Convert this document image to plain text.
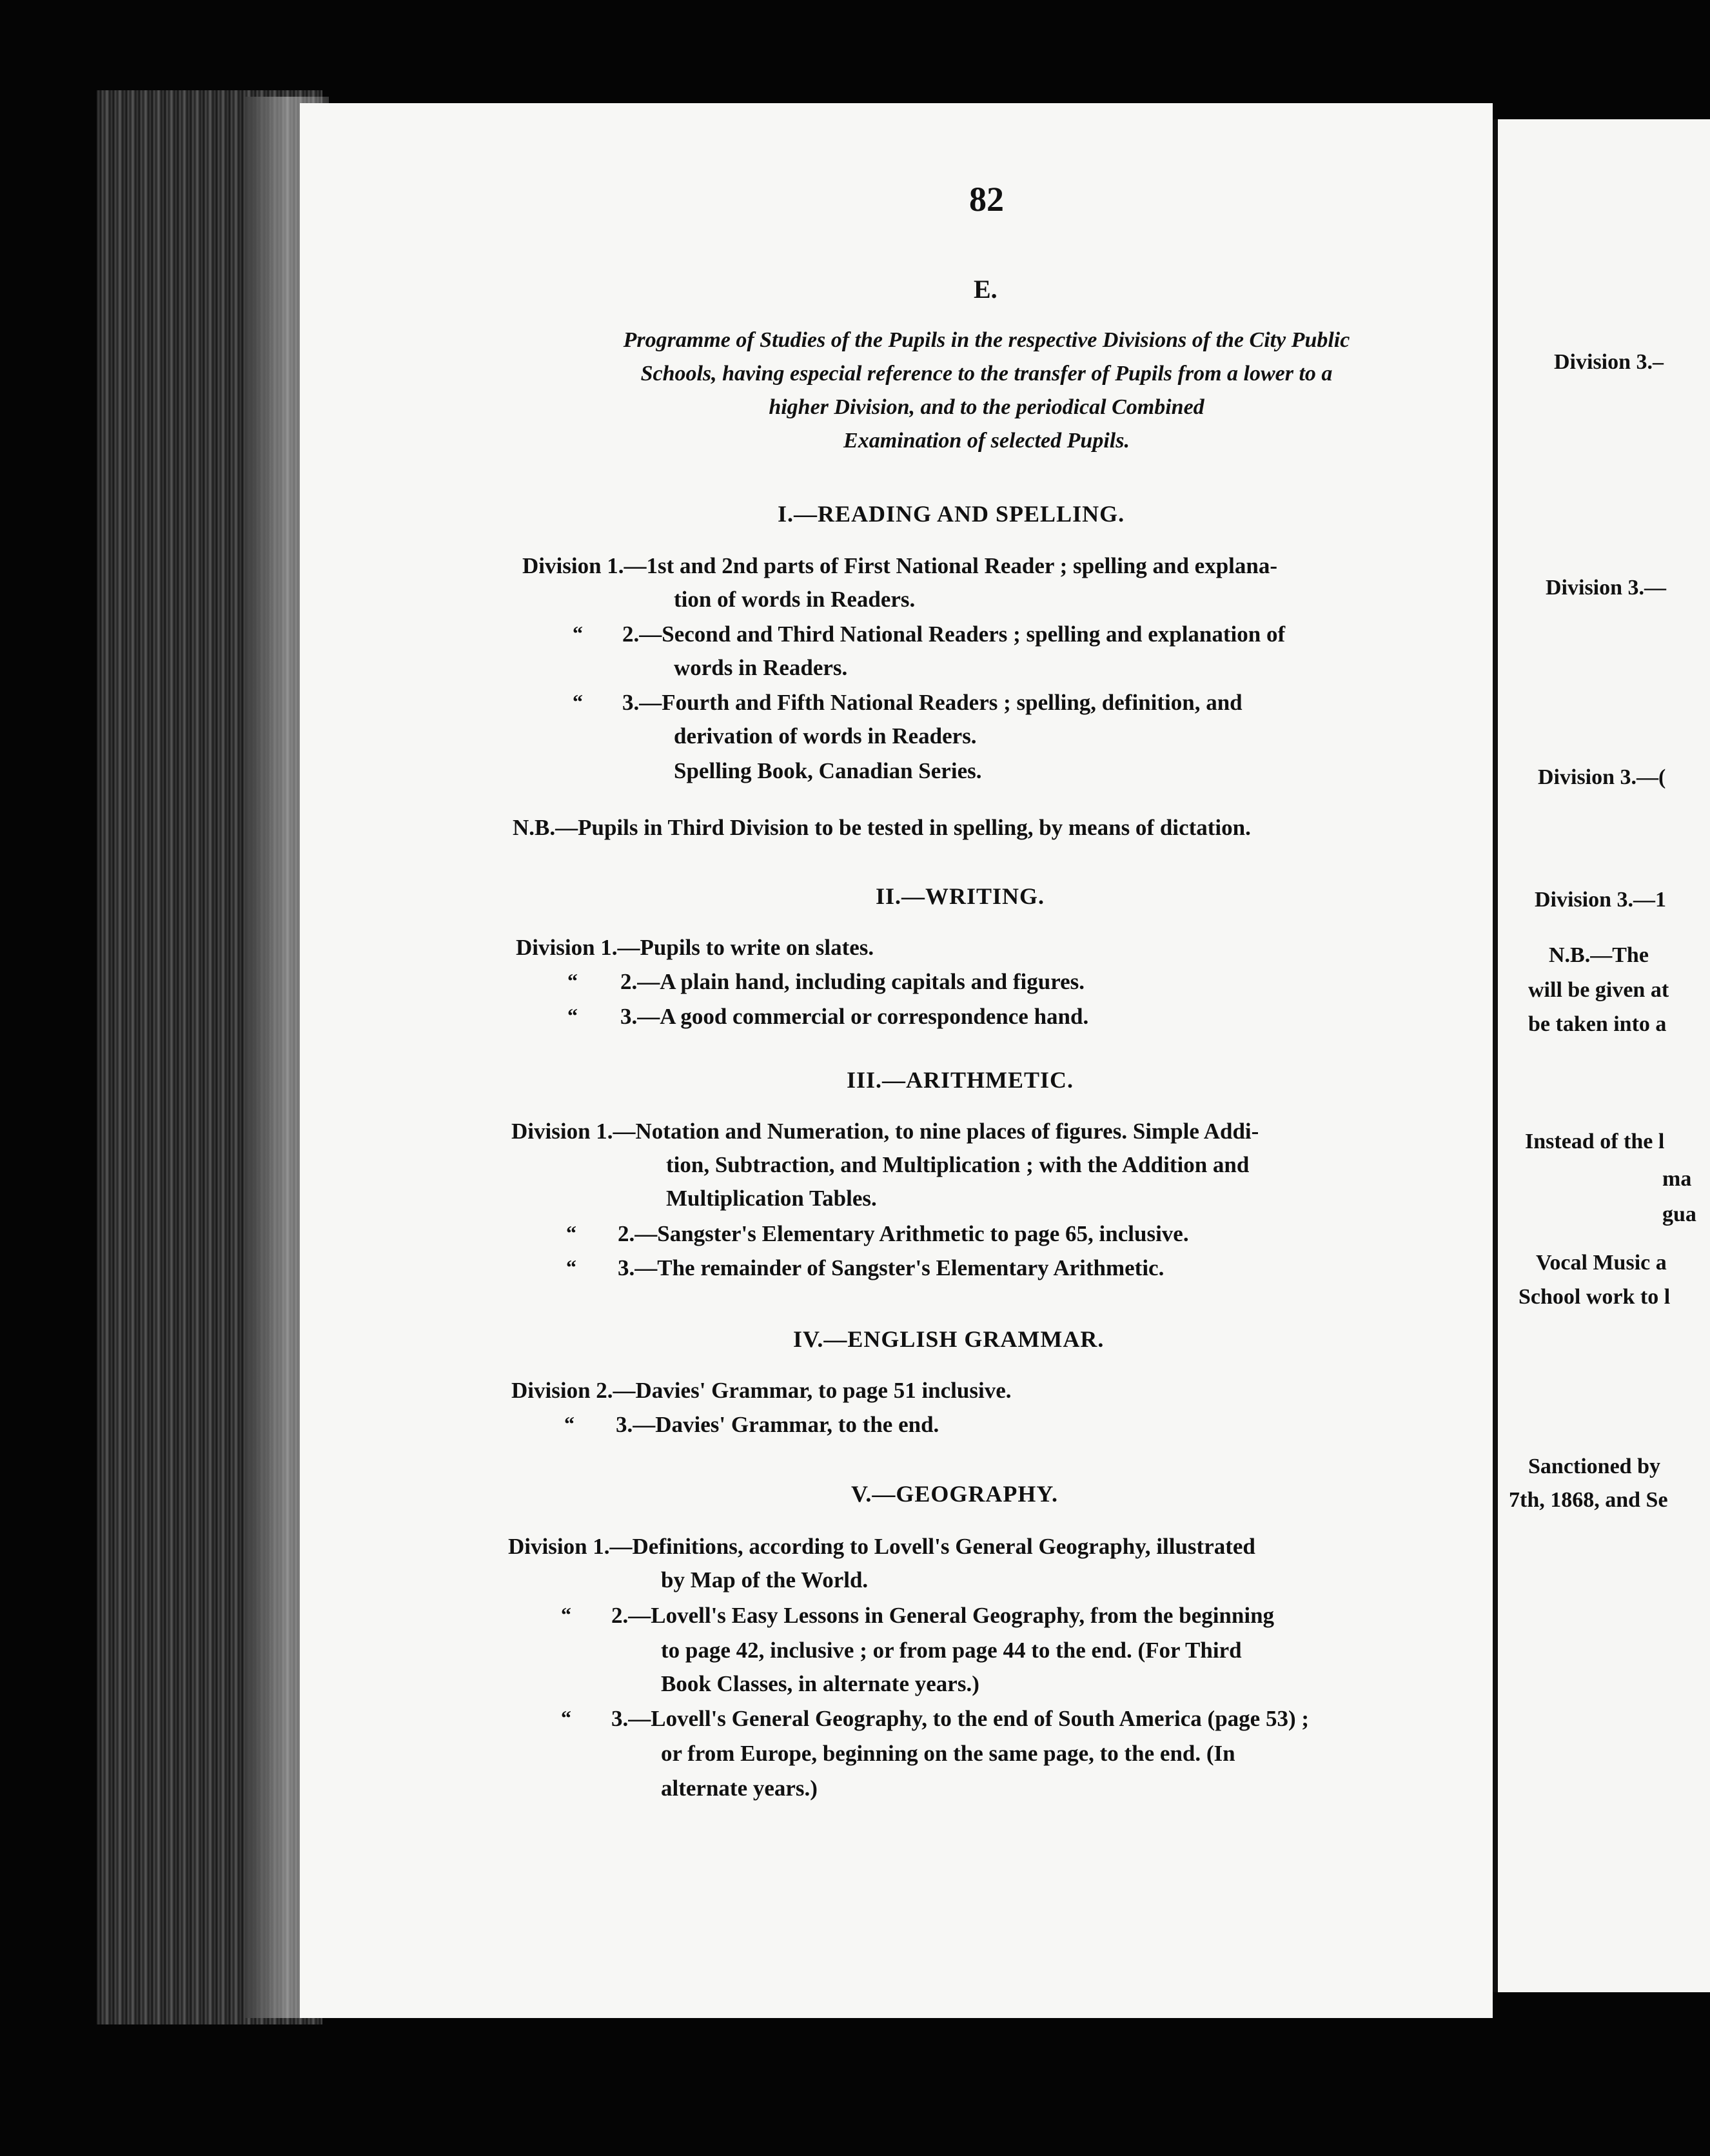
82
E.
Programme of Studies of the Pupils in the respective Divisions of the City Public
Schools, having especial reference to the transfer of Pupils from a lower to a
higher Division, and to the periodical Combined
Examination of selected Pupils.
I.—READING AND SPELLING.
Division 1.—1st and 2nd parts of First National Reader ; spelling and explana-
tion of words in Readers.
“ 2.—Second and Third National Readers ; spelling and explanation of
words in Readers.
“ 3.—Fourth and Fifth National Readers ; spelling, definition, and
derivation of words in Readers.
Spelling Book, Canadian Series.
N.B.—Pupils in Third Division to be tested in spelling, by means of dictation.
II.—WRITING.
Division 1.—Pupils to write on slates.
“ 2.—A plain hand, including capitals and figures.
“ 3.—A good commercial or correspondence hand.
III.—ARITHMETIC.
Division 1.—Notation and Numeration, to nine places of figures. Simple Addi-
tion, Subtraction, and Multiplication ; with the Addition and
Multiplication Tables.
“ 2.—Sangster's Elementary Arithmetic to page 65, inclusive.
“ 3.—The remainder of Sangster's Elementary Arithmetic.
IV.—ENGLISH GRAMMAR.
Division 2.—Davies' Grammar, to page 51 inclusive.
“ 3.—Davies' Grammar, to the end.
V.—GEOGRAPHY.
Division 1.—Definitions, according to Lovell's General Geography, illustrated
by Map of the World.
“ 2.—Lovell's Easy Lessons in General Geography, from the beginning
to page 42, inclusive ; or from page 44 to the end. (For Third
Book Classes, in alternate years.)
“ 3.—Lovell's General Geography, to the end of South America (page 53) ;
or from Europe, beginning on the same page, to the end. (In
alternate years.)
Division 3.–
Division 3.—
Division 3.—(
Division 3.—1
N.B.—The
will be given at
be taken into a
Instead of the l
ma
gua
Vocal Music a
School work to l
Sanctioned by
7th, 1868, and Se
